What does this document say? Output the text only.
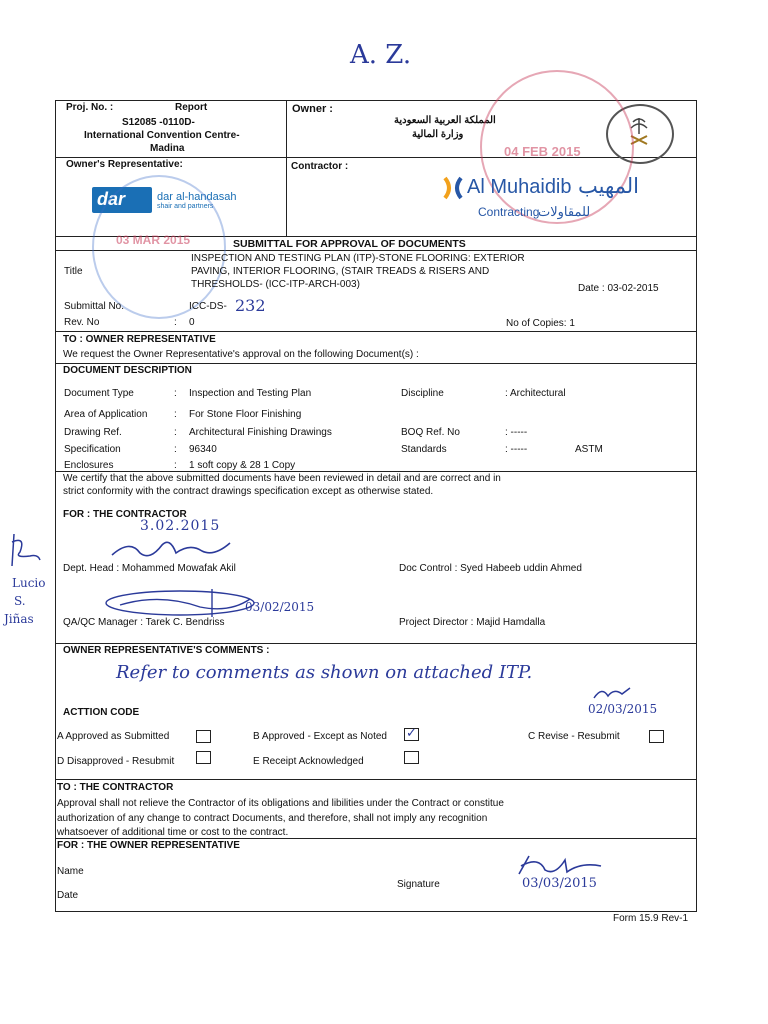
A. Z.
Proj. No. :	Report
S12085 -0110D-
International Convention Centre-
Madina
Owner :
المملكة العربية السعودية
وزارة المالية
04 FEB 2015
Owner's Representative:	Contractor :
dar	dar al-handasah
shair and partners
03 MAR 2015
Al Muhaidib المهيب
Contracting
للمقاولات
SUBMITTAL FOR APPROVAL OF DOCUMENTS
Title
INSPECTION AND TESTING PLAN (ITP)-STONE FLOORING: EXTERIOR
PAVING, INTERIOR FLOORING, (STAIR TREADS & RISERS AND
THRESHOLDS- (ICC-ITP-ARCH-003)	Date : 03-02-2015
Submittal No.	ICC-DS- 232
Rev. No	: 0	No of Copies: 1
TO : OWNER REPRESENTATIVE
We request the Owner Representative's approval on the following Document(s) :
DOCUMENT DESCRIPTION
Document Type	: Inspection and Testing Plan	Discipline	: Architectural
Area of Application	: For Stone Floor Finishing
Drawing Ref.	: Architectural Finishing Drawings	BOQ Ref. No	: -----
Specification	: 96340	Standards	: -----	ASTM
Enclosures	: 1 soft copy & 28 1 Copy
We certify that the above submitted documents have been reviewed in detail and are correct and in
strict conformity with the contract drawings specification except as otherwise stated.
FOR : THE CONTRACTOR
3.02.2015
Dept. Head : Mohammed Mowafak Akil	Doc Control : Syed Habeeb uddin Ahmed
03/02/2015
QA/QC Manager : Tarek C. Bendriss	Project Director : Majid Hamdalla
Lucio
S.
Jiñas
OWNER REPRESENTATIVE'S COMMENTS :
Refer to comments as shown on attached ITP.
02/03/2015
ACTTION CODE
A Approved as Submitted	B Approved - Except as Noted ✓	C Revise - Resubmit
D Disapproved - Resubmit	E Receipt Acknowledged
TO : THE CONTRACTOR
Approval shall not relieve the Contractor of its obligations and libilities under the Contract or constitue
authorization of any change to contract Documents, and therefore, shall not imply any recognition
whatsoever of additional time or cost to the contract.
FOR : THE OWNER REPRESENTATIVE
Name
Date
Signature	03/03/2015
Form 15.9 Rev-1
